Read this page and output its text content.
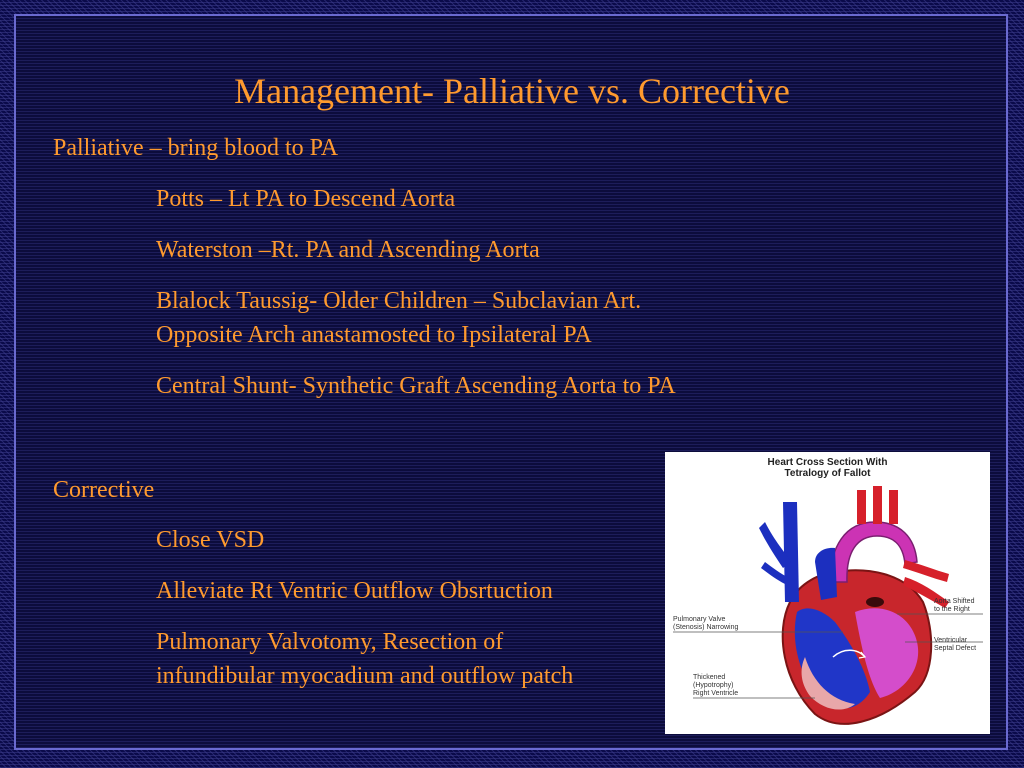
Management- Palliative vs. Corrective
Palliative – bring blood to PA
Potts – Lt PA to Descend Aorta
Waterston –Rt. PA and Ascending Aorta
Blalock Taussig- Older Children – Subclavian Art.
Opposite Arch anastamosted to Ipsilateral PA
Central Shunt- Synthetic Graft Ascending Aorta to PA
Corrective
Close VSD
Alleviate Rt Ventric Outflow Obsrtuction
Pulmonary Valvotomy, Resection of
infundibular myocadium and outflow patch
Heart Cross Section With
Tetralogy of Fallot
Aorta Shifted
to the Right
Ventricular
Septal Defect
Pulmonary Valve
(Stenosis) Narrowing
Thickened
(Hypotrophy)
Right Ventricle
